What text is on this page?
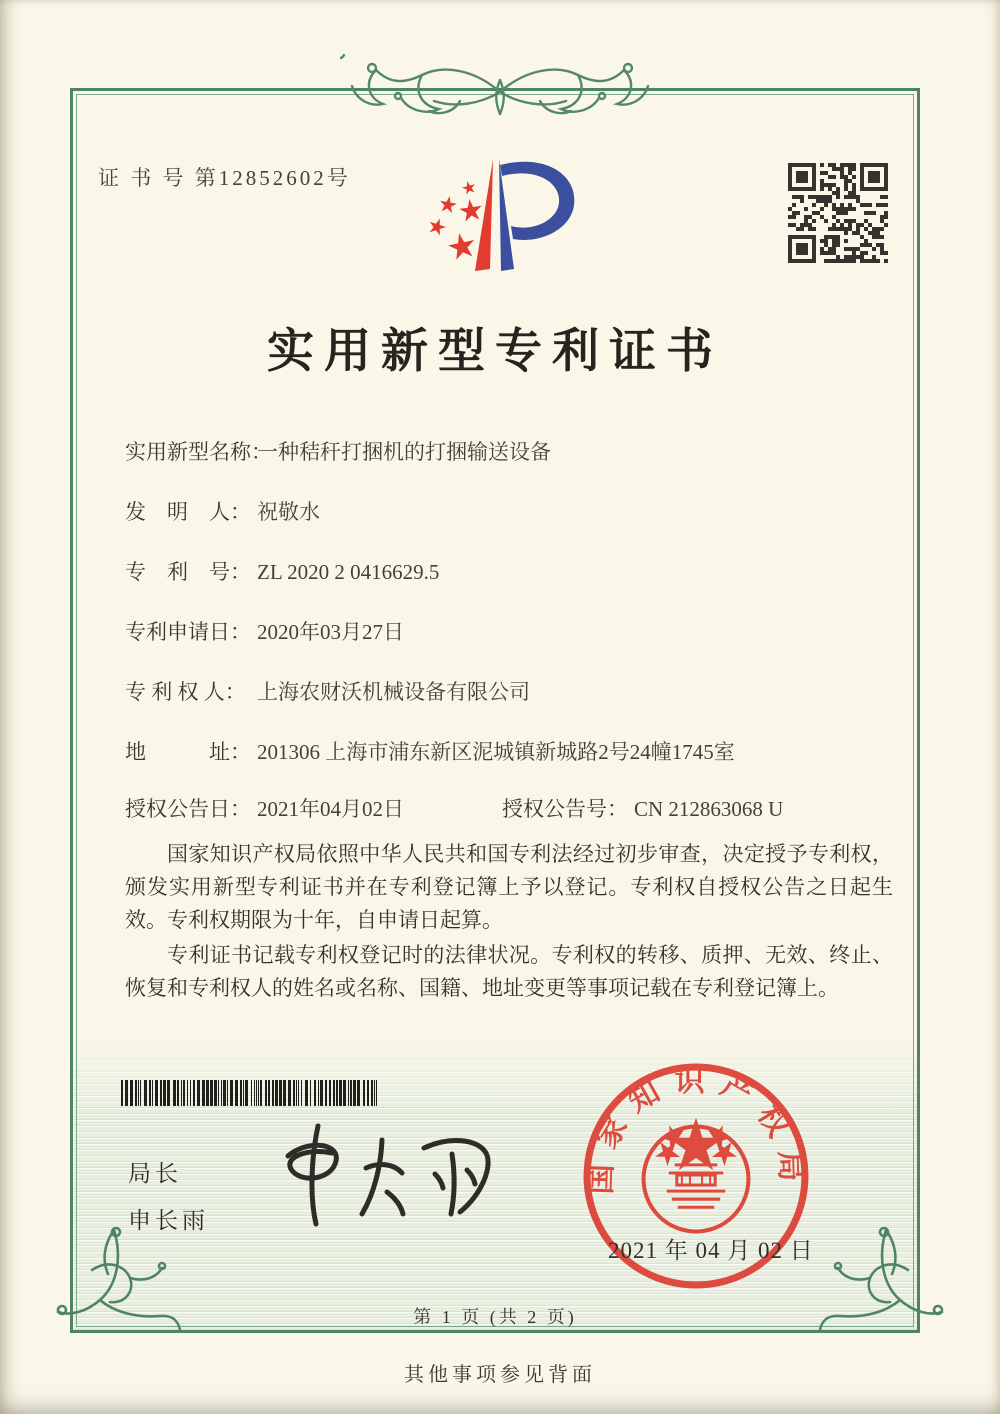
证 书 号 第12852602号
实用新型专利证书
实用新型名称：一种秸秆打捆机的打捆输送设备
发　明　人： 祝敬水
专　利　号： ZL 2020 2 0416629.5
专利申请日： 2020年03月27日
专 利 权 人： 上海农财沃机械设备有限公司
地　　　址： 201306 上海市浦东新区泥城镇新城路2号24幢1745室
授权公告日： 2021年04月02日	授权公告号： CN 212863068 U

国家知识产权局依照中华人民共和国专利法经过初步审查，决定授予专利权，颁发实用新型专利证书并在专利登记簿上予以登记。专利权自授权公告之日起生效。专利权期限为十年，自申请日起算。

专利证书记载专利权登记时的法律状况。专利权的转移、质押、无效、终止、恢复和专利权人的姓名或名称、国籍、地址变更等事项记载在专利登记簿上。

局长
申长雨
国家知识产权局
2021 年 04 月 02 日
第 1 页 (共 2 页)
其他事项参见背面
